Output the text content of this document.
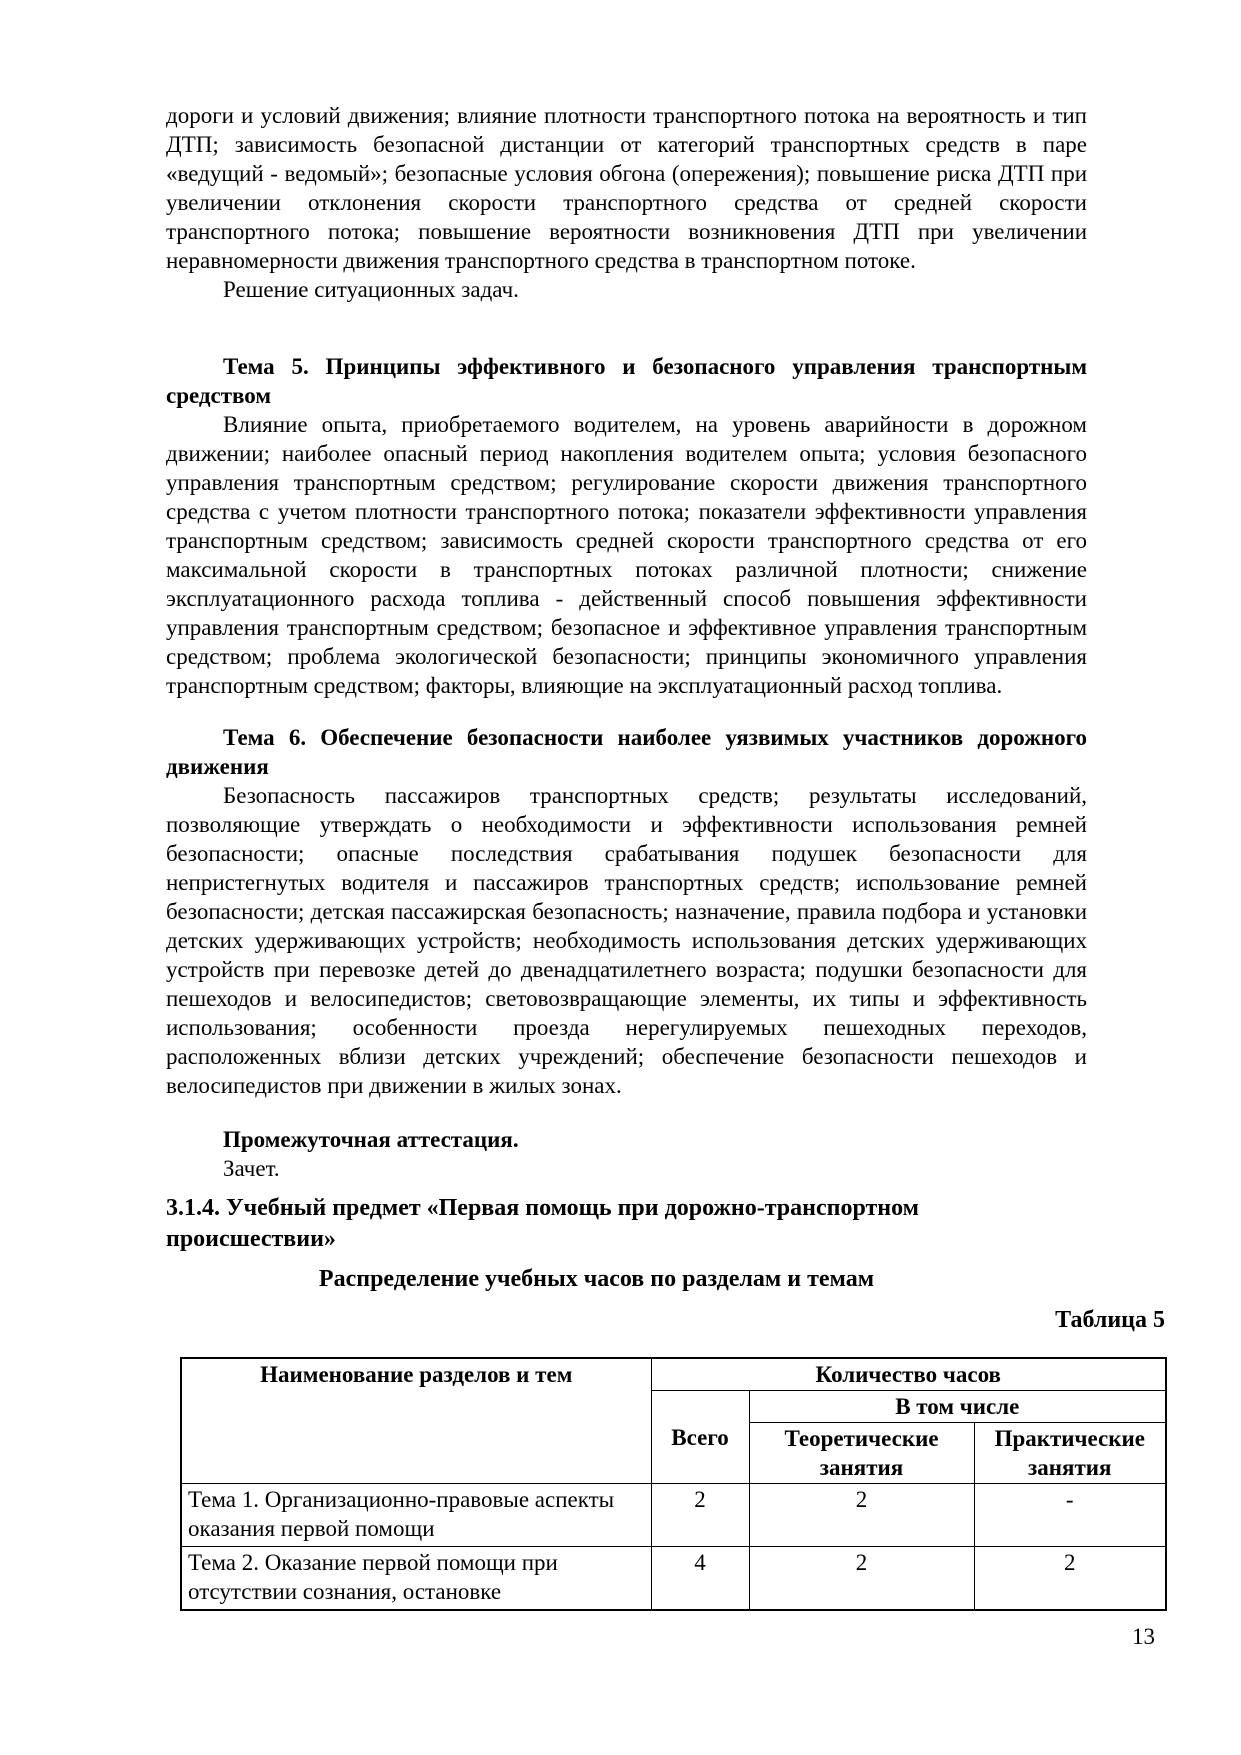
дороги и условий движения; влияние плотности транспортного потока на вероятность и тип ДТП; зависимость безопасной дистанции от категорий транспортных средств в паре «ведущий - ведомый»; безопасные условия обгона (опережения); повышение риска ДТП при увеличении отклонения скорости транспортного средства от средней скорости транспортного потока; повышение вероятности возникновения ДТП при увеличении неравномерности движения транспортного средства в транспортном потоке.

Решение ситуационных задач.

Тема 5. Принципы эффективного и безопасного управления транспортным средством

Влияние опыта, приобретаемого водителем, на уровень аварийности в дорожном движении; наиболее опасный период накопления водителем опыта; условия безопасного управления транспортным средством; регулирование скорости движения транспортного средства с учетом плотности транспортного потока; показатели эффективности управления транспортным средством; зависимость средней скорости транспортного средства от его максимальной скорости в транспортных потоках различной плотности; снижение эксплуатационного расхода топлива - действенный способ повышения эффективности управления транспортным средством; безопасное и эффективное управления транспортным средством; проблема экологической безопасности; принципы экономичного управления транспортным средством; факторы, влияющие на эксплуатационный расход топлива.

Тема 6. Обеспечение безопасности наиболее уязвимых участников дорожного движения

Безопасность пассажиров транспортных средств; результаты исследований, позволяющие утверждать о необходимости и эффективности использования ремней безопасности; опасные последствия срабатывания подушек безопасности для непристегнутых водителя и пассажиров транспортных средств; использование ремней безопасности; детская пассажирская безопасность; назначение, правила подбора и установки детских удерживающих устройств; необходимость использования детских удерживающих устройств при перевозке детей до двенадцатилетнего возраста; подушки безопасности для пешеходов и велосипедистов; световозвращающие элементы, их типы и эффективность использования; особенности проезда нерегулируемых пешеходных переходов, расположенных вблизи детских учреждений; обеспечение безопасности пешеходов и велосипедистов при движении в жилых зонах.

Промежуточная аттестация.

Зачет.

3.1.4. Учебный предмет «Первая помощь при дорожно-транспортном происшествии»

Распределение учебных часов по разделам и темам

Таблица 5

Наименование разделов и тем	Количество часов		
	Всего	В том числе	
		Теоретические занятия	Практические занятия
Тема 1. Организационно-правовые аспекты оказания первой помощи	2	2	-
Тема 2. Оказание первой помощи при отсутствии сознания, остановке	4	2	2
13
